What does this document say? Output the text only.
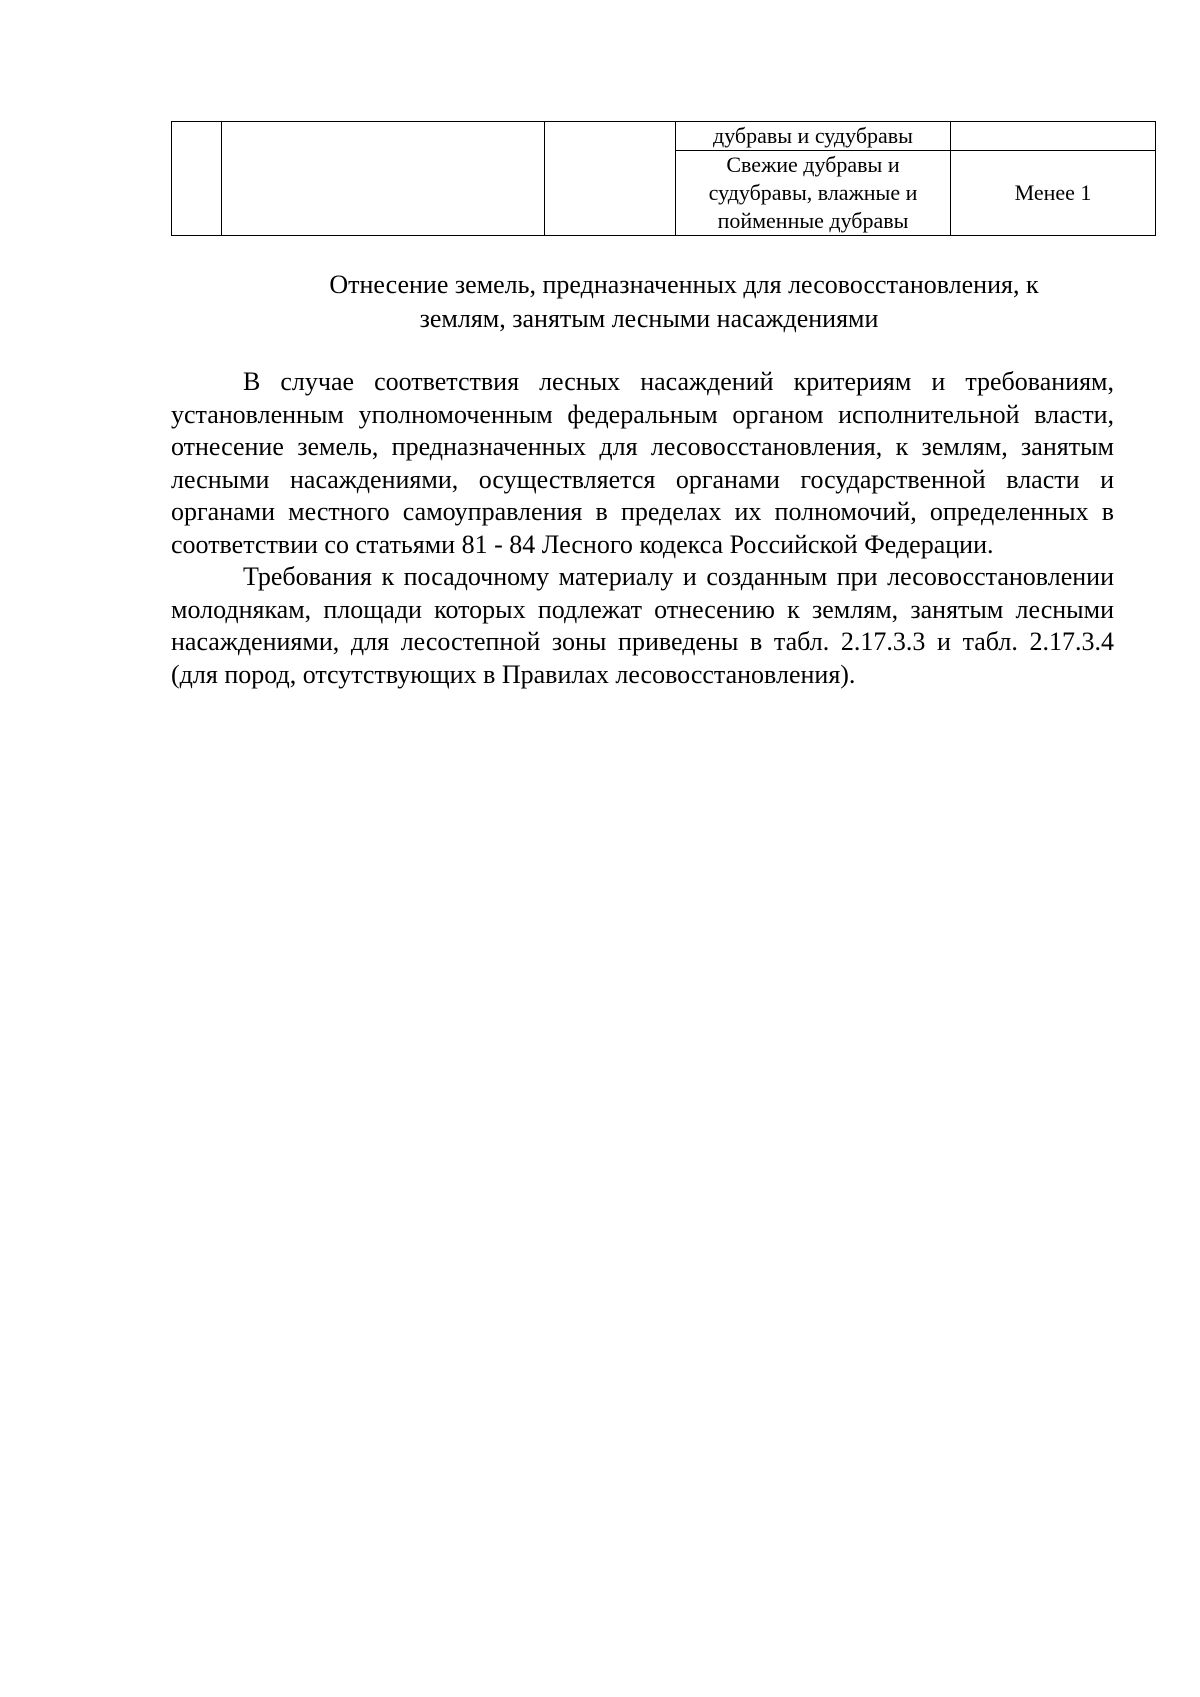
			дубравы и судубравы	
			Свежие дубравы и судубравы, влажные и пойменные дубравы	Менее 1
Отнесение земель, предназначенных для лесовосстановления, к
землям, занятым лесными насаждениями

В случае соответствия лесных насаждений критериям и требованиям, установленным уполномоченным федеральным органом исполнительной власти, отнесение земель, предназначенных для лесовосстановления, к землям, занятым лесными насаждениями, осуществляется органами государственной власти и органами местного самоуправления в пределах их полномочий, определенных в соответствии со статьями 81 - 84 Лесного кодекса Российской Федерации.

Требования к посадочному материалу и созданным при лесовосстановлении молоднякам, площади которых подлежат отнесению к землям, занятым лесными насаждениями, для лесостепной зоны приведены в табл. 2.17.3.3 и табл. 2.17.3.4 (для пород, отсутствующих в Правилах лесовосстановления).
